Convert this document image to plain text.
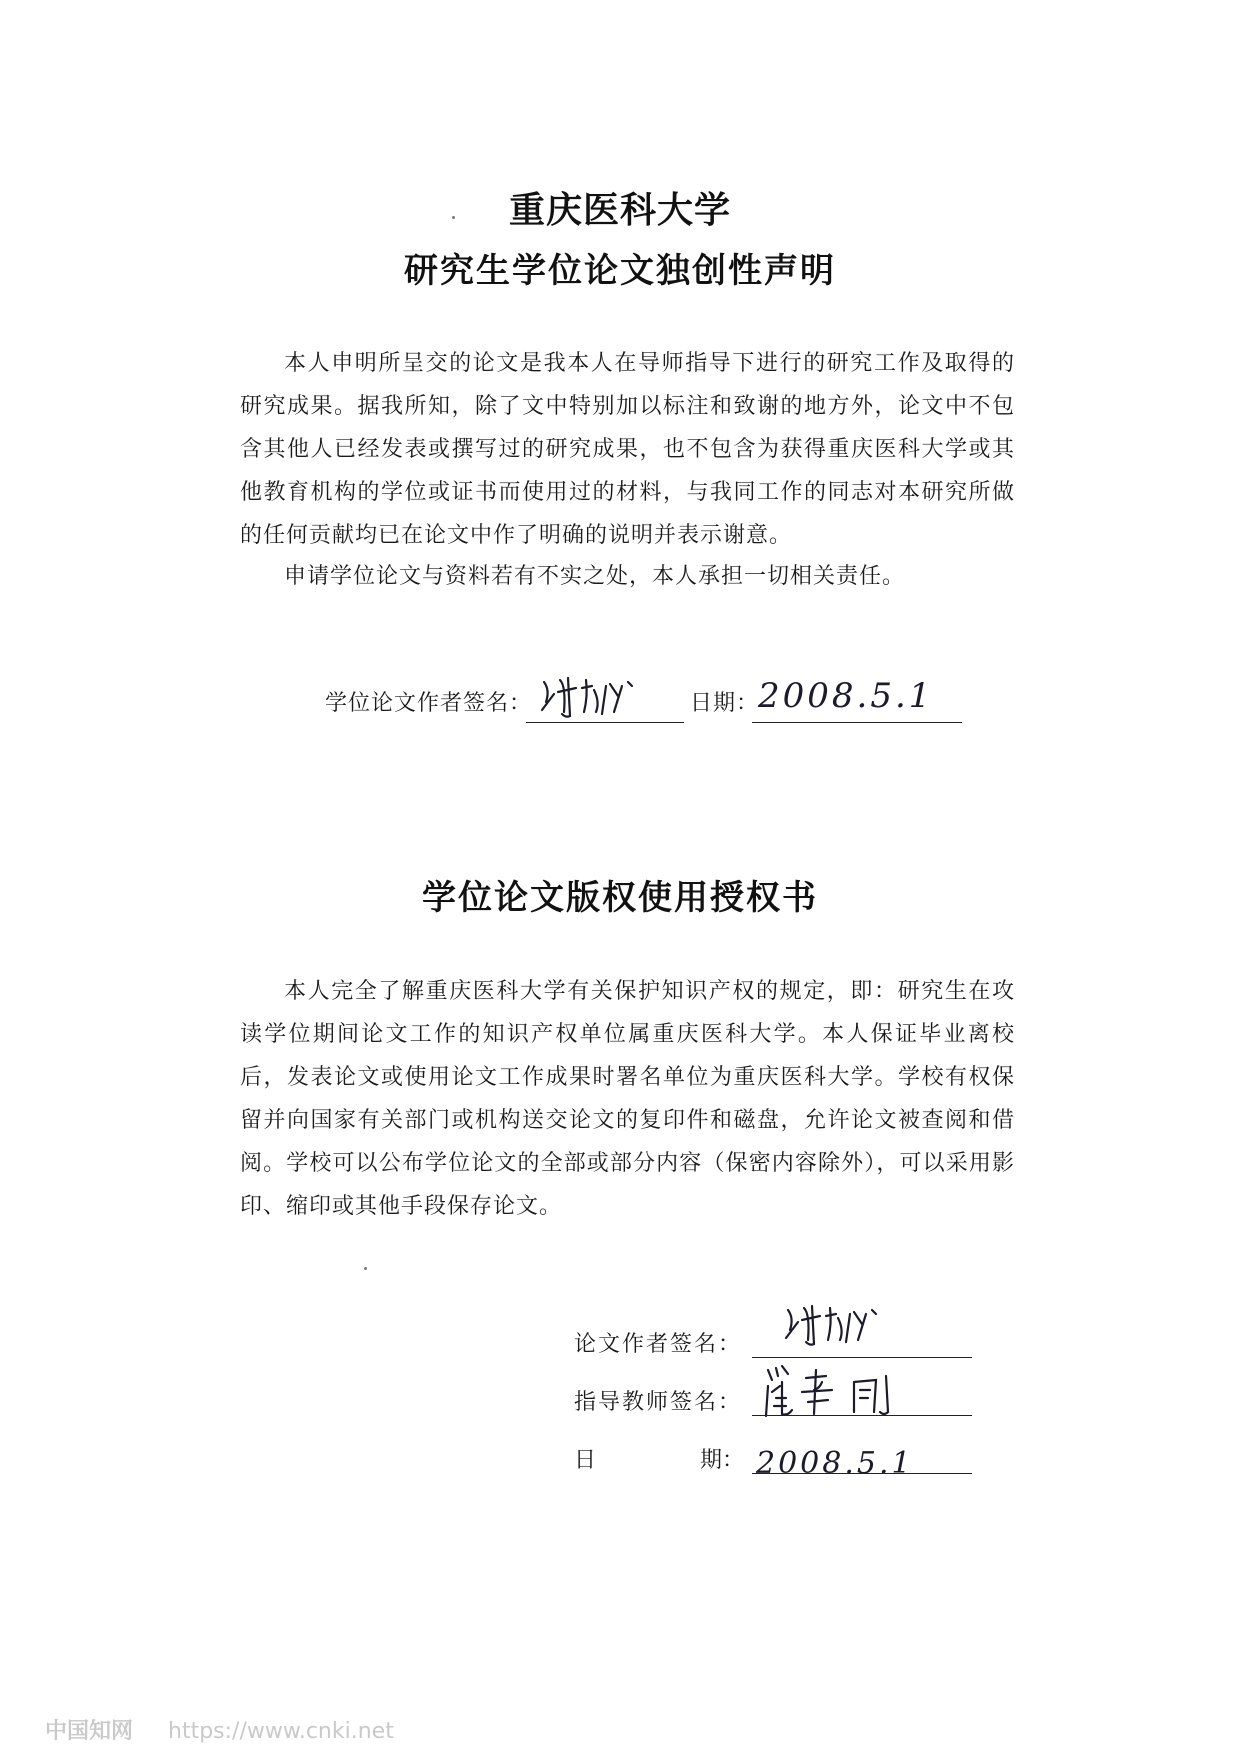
重庆医科大学
研究生学位论文独创性声明
本人申明所呈交的论文是我本人在导师指导下进行的研究工作及取得的研究成果。据我所知，除了文中特别加以标注和致谢的地方外，论文中不包含其他人已经发表或撰写过的研究成果，也不包含为获得重庆医科大学或其他教育机构的学位或证书而使用过的材料，与我同工作的同志对本研究所做的任何贡献均已在论文中作了明确的说明并表示谢意。
申请学位论文与资料若有不实之处，本人承担一切相关责任。
学位论文作者签名：	日期：
2008.5.1
学位论文版权使用授权书
本人完全了解重庆医科大学有关保护知识产权的规定，即：研究生在攻读学位期间论文工作的知识产权单位属重庆医科大学。本人保证毕业离校后，发表论文或使用论文工作成果时署名单位为重庆医科大学。学校有权保留并向国家有关部门或机构送交论文的复印件和磁盘，允许论文被查阅和借阅。学校可以公布学位论文的全部或部分内容（保密内容除外），可以采用影印、缩印或其他手段保存论文。
论文作者签名：
指导教师签名：
日	期： 2008.5.1
中国知网 https://www.cnki.net
